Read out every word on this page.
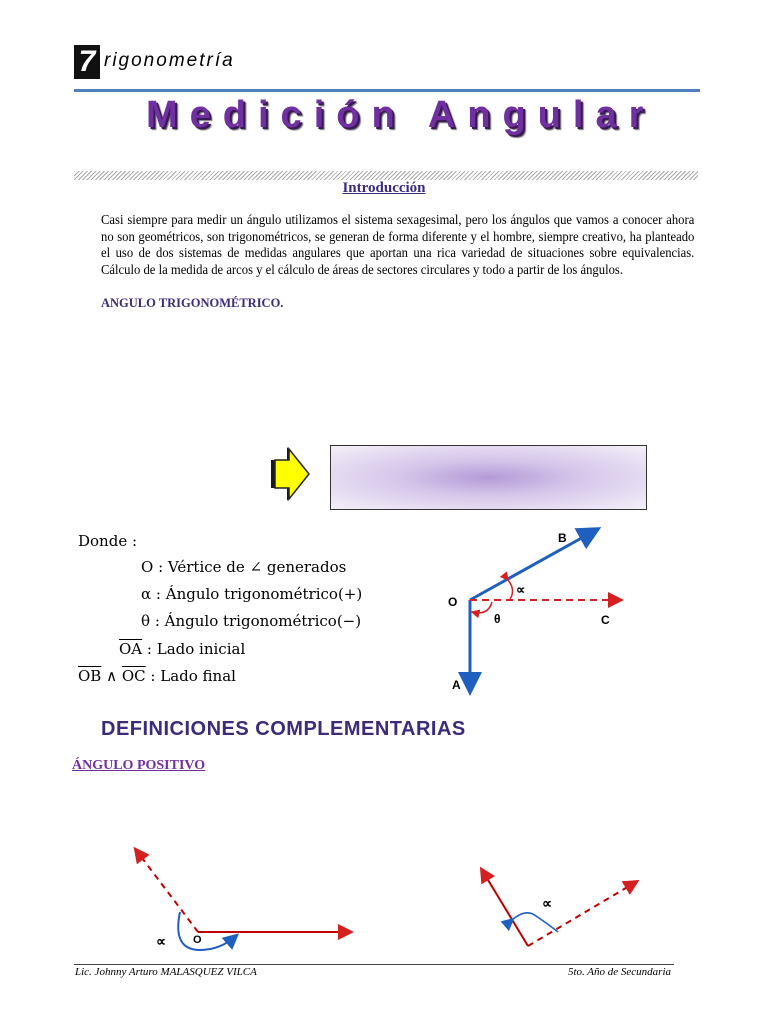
7 rigonometría
Medición Angular
Introducción
Casi siempre para medir un ángulo utilizamos el sistema sexagesimal, pero los ángulos que vamos a conocer ahora no son geométricos, son trigonométricos, se generan de forma diferente y el hombre, siempre creativo, ha planteado el uso de dos sistemas de medidas angulares que aportan una rica variedad de situaciones sobre equivalencias. Cálculo de la medida de arcos y el cálculo de áreas de sectores circulares y todo a partir de los ángulos.
ANGULO TRIGONOMÉTRICO.
Donde :
O : Vértice de ∠ generados
α : Ángulo trigonométrico(+)
θ : Ángulo trigonométrico(−)
$\overline{OA}$ : Lado inicial
$\overline{OB}$ ∧ $\overline{OC}$ : Lado final
B
O
C
A
∝
θ
DEFINICIONES COMPLEMENTARIAS
ÁNGULO POSITIVO
∝ O
∝
Lic. Johnny Arturo MALASQUEZ VILCA	5to. Año de Secundaria
